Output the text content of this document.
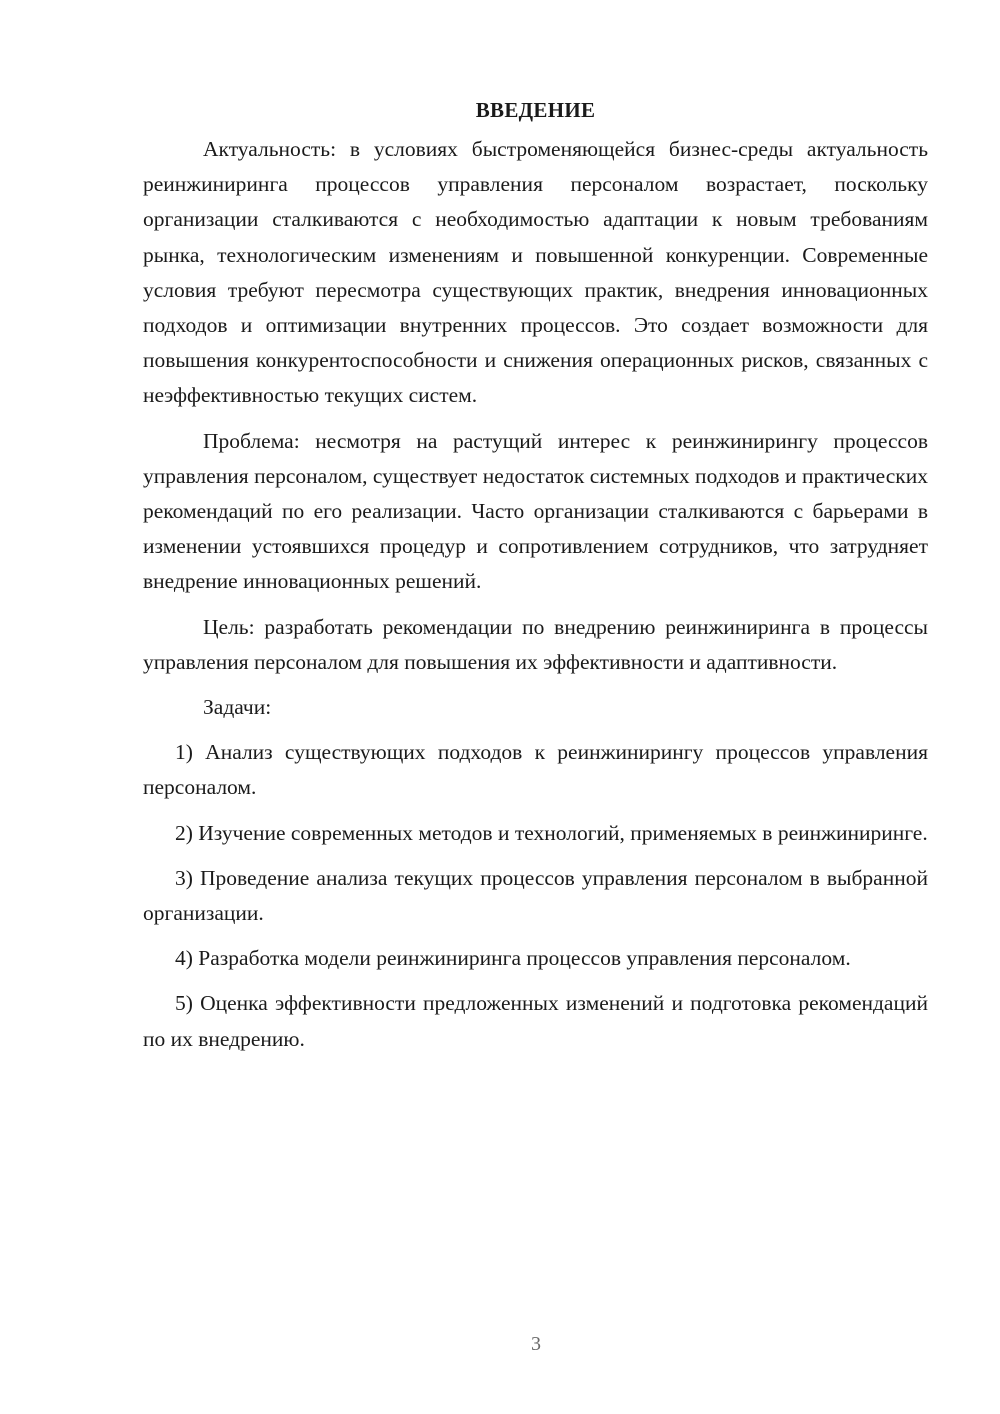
ВВЕДЕНИЕ

Актуальность: в условиях быстроменяющейся бизнес-среды актуальность реинжиниринга процессов управления персоналом возрастает, поскольку организации сталкиваются с необходимостью адаптации к новым требованиям рынка, технологическим изменениям и повышенной конкуренции. Современные условия требуют пересмотра существующих практик, внедрения инновационных подходов и оптимизации внутренних процессов. Это создает возможности для повышения конкурентоспособности и снижения операционных рисков, связанных с неэффективностью текущих систем.

Проблема: несмотря на растущий интерес к реинжинирингу процессов управления персоналом, существует недостаток системных подходов и практических рекомендаций по его реализации. Часто организации сталкиваются с барьерами в изменении устоявшихся процедур и сопротивлением сотрудников, что затрудняет внедрение инновационных решений.

Цель: разработать рекомендации по внедрению реинжиниринга в процессы управления персоналом для повышения их эффективности и адаптивности.

Задачи:

1) Анализ существующих подходов к реинжинирингу процессов управления персоналом.

2) Изучение современных методов и технологий, применяемых в реинжиниринге.

3) Проведение анализа текущих процессов управления персоналом в выбранной организации.

4) Разработка модели реинжиниринга процессов управления персоналом.

5) Оценка эффективности предложенных изменений и подготовка рекомендаций по их внедрению.

3
